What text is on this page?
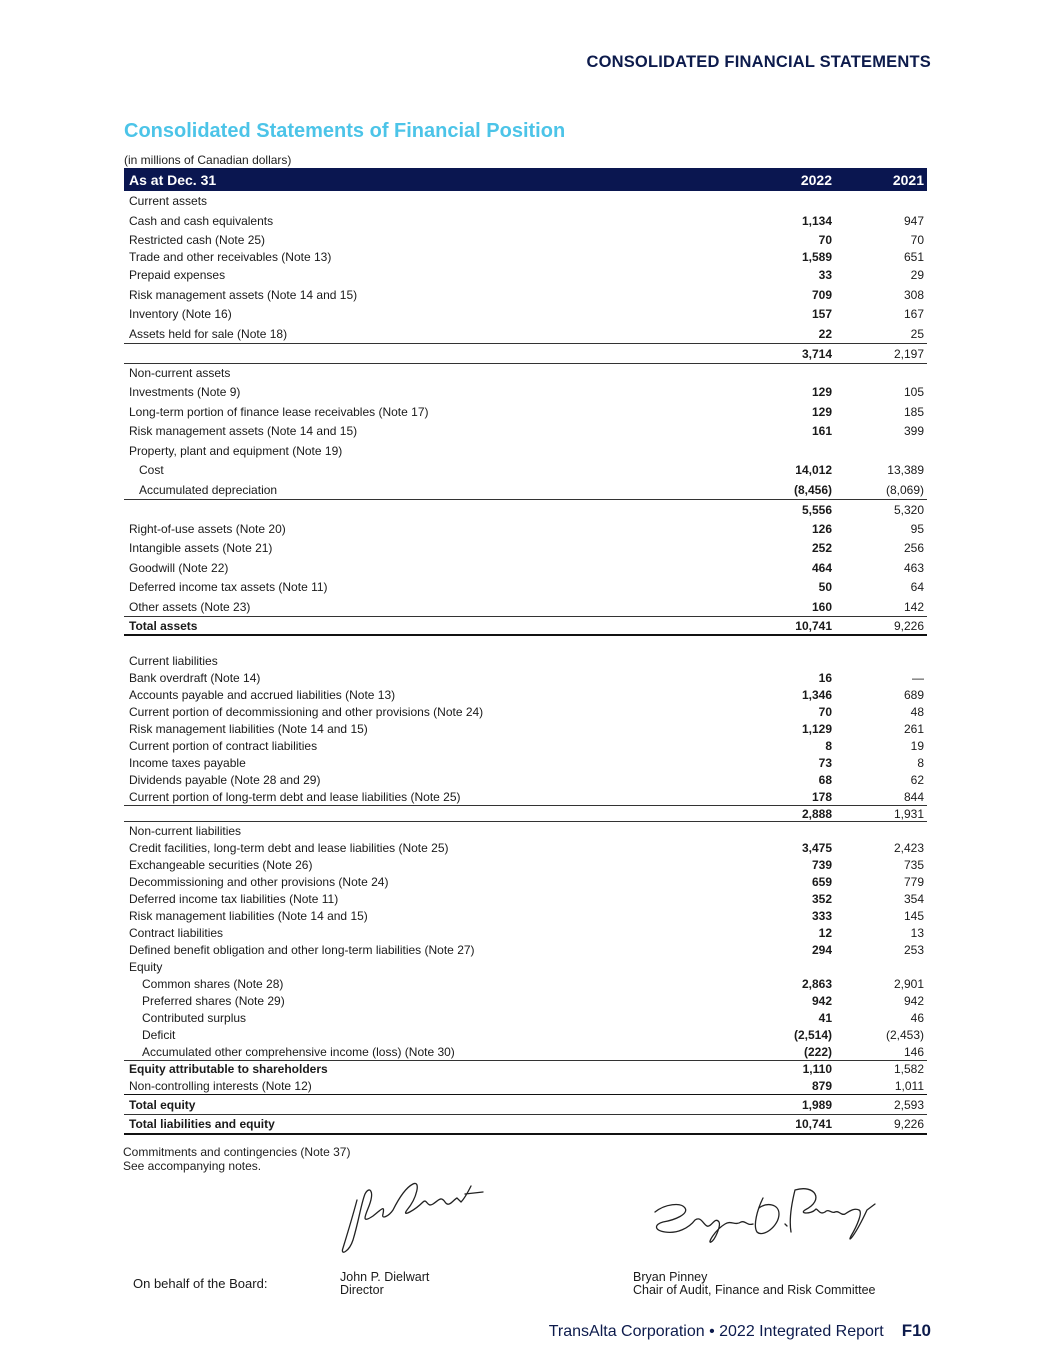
CONSOLIDATED FINANCIAL STATEMENTS
Consolidated Statements of Financial Position
(in millions of Canadian dollars)
As at Dec. 31	2022	2021
Current assets
Cash and cash equivalents	1,134	947
Restricted cash (Note 25)	70	70
Trade and other receivables (Note 13)	1,589	651
Prepaid expenses	33	29
Risk management assets (Note 14 and 15)	709	308
Inventory (Note 16)	157	167
Assets held for sale (Note 18)	22	25
3,714	2,197
Non-current assets
Investments (Note 9)	129	105
Long-term portion of finance lease receivables (Note 17)	129	185
Risk management assets (Note 14 and 15)	161	399
Property, plant and equipment (Note 19)
Cost	14,012	13,389
Accumulated depreciation	(8,456)	(8,069)
5,556	5,320
Right-of-use assets (Note 20)	126	95
Intangible assets (Note 21)	252	256
Goodwill (Note 22)	464	463
Deferred income tax assets (Note 11)	50	64
Other assets (Note 23)	160	142
Total assets	10,741	9,226
Current liabilities
Bank overdraft (Note 14)	16	—
Accounts payable and accrued liabilities (Note 13)	1,346	689
Current portion of decommissioning and other provisions (Note 24)	70	48
Risk management liabilities (Note 14 and 15)	1,129	261
Current portion of contract liabilities	8	19
Income taxes payable	73	8
Dividends payable (Note 28 and 29)	68	62
Current portion of long-term debt and lease liabilities (Note 25)	178	844
2,888	1,931
Non-current liabilities
Credit facilities, long-term debt and lease liabilities (Note 25)	3,475	2,423
Exchangeable securities (Note 26)	739	735
Decommissioning and other provisions (Note 24)	659	779
Deferred income tax liabilities (Note 11)	352	354
Risk management liabilities (Note 14 and 15)	333	145
Contract liabilities	12	13
Defined benefit obligation and other long-term liabilities (Note 27)	294	253
Equity
Common shares (Note 28)	2,863	2,901
Preferred shares (Note 29)	942	942
Contributed surplus	41	46
Deficit	(2,514)	(2,453)
Accumulated other comprehensive income (loss) (Note 30)	(222)	146
Equity attributable to shareholders	1,110	1,582
Non-controlling interests (Note 12)	879	1,011
Total equity	1,989	2,593
Total liabilities and equity	10,741	9,226
Commitments and contingencies (Note 37)
See accompanying notes.
On behalf of the Board:	John P. Dielwart
Director
Bryan Pinney
Chair of Audit, Finance and Risk Committee
TransAlta Corporation • 2022 Integrated Report F10
